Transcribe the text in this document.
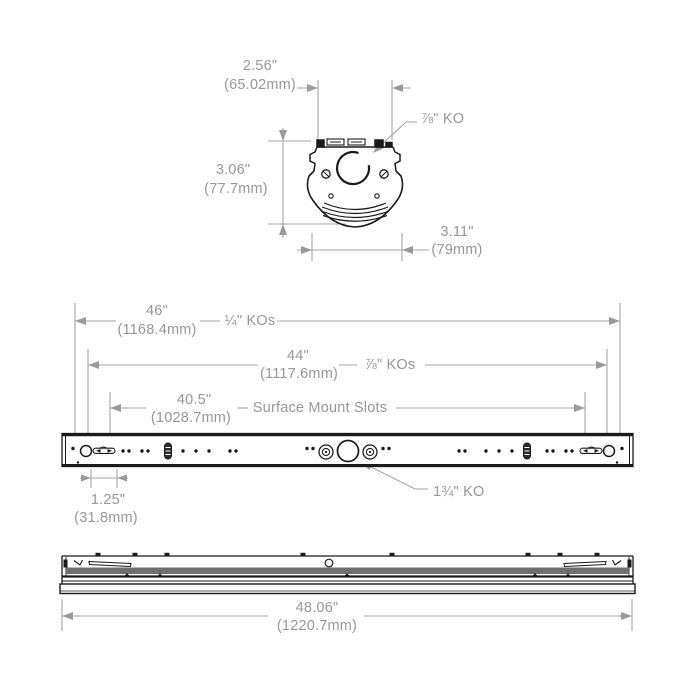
2.56"
(65.02mm)
⅞" KO
3.06"
(77.7mm)
3.11"
(79mm)
46"
(1168.4mm)
¼" KOs
44"
(1117.6mm)
⅞" KOs
40.5"
(1028.7mm)
Surface Mount Slots
1.25"
(31.8mm)
1¾" KO
48.06"
(1220.7mm)
